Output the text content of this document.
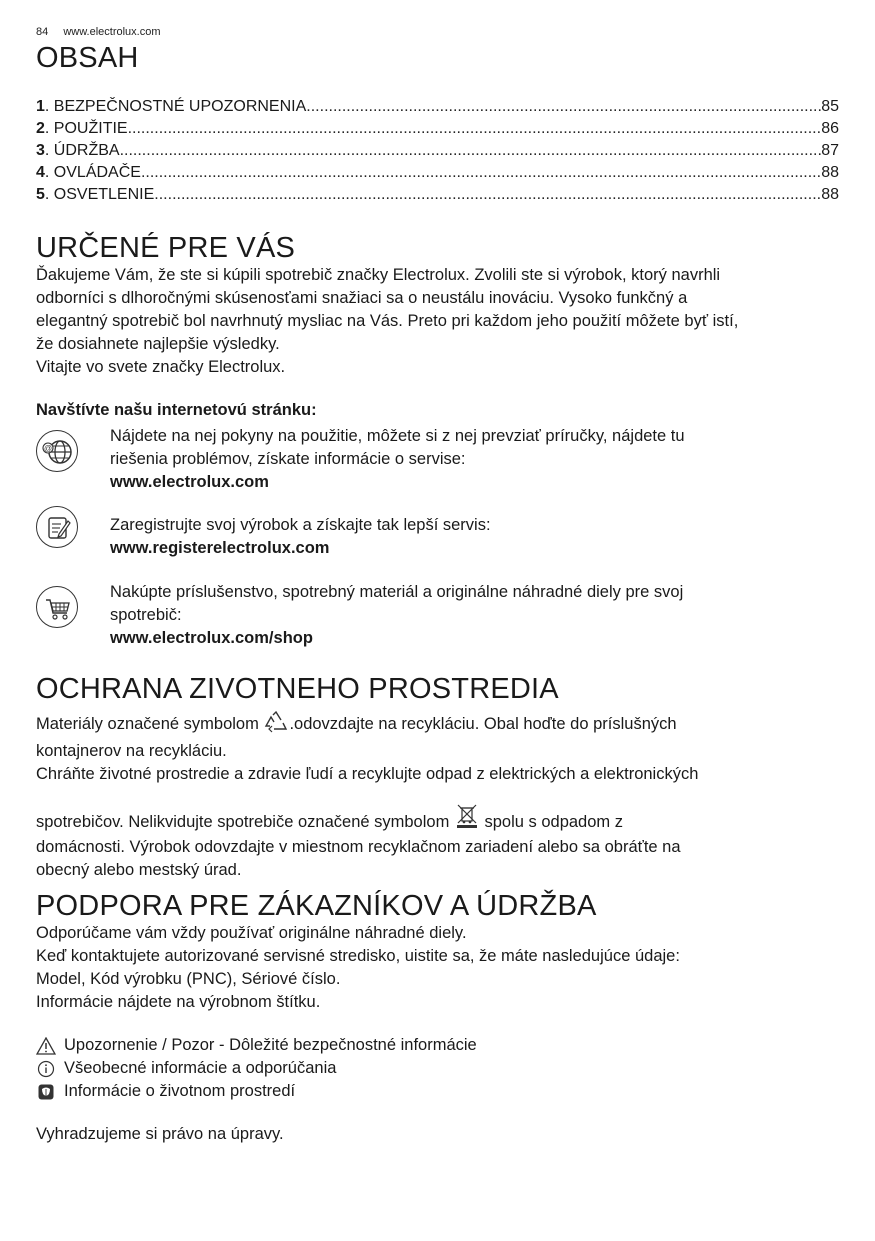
84 www.electrolux.com
OBSAH
1 . BEZPEČNOSTNÉ UPOZORNENIA .....	85
2 . POUŽITIE .....	86
3 . ÚDRŽBA .....	87
4 . OVLÁDAČE .....	88
5 . OSVETLENIE .....	88
URČENÉ PRE VÁS
Ďakujeme Vám, že ste si kúpili spotrebič značky Electrolux. Zvolili ste si výrobok, ktorý navrhli
odborníci s dlhoročnými skúsenosťami snažiaci sa o neustálu inováciu. Vysoko funkčný a
elegantný spotrebič bol navrhnutý mysliac na Vás. Preto pri každom jeho použití môžete byť istí,
že dosiahnete najlepšie výsledky.
Vitajte vo svete značky Electrolux.
Navštívte našu internetovú stránku:
@
Nájdete na nej pokyny na použitie, môžete si z nej prevziať príručky, nájdete tu
riešenia problémov, získate informácie o servise:
www.electrolux.com
Zaregistrujte svoj výrobok a získajte tak lepší servis:
www.registerelectrolux.com
Nakúpte príslušenstvo, spotrebný materiál a originálne náhradné diely pre svoj
spotrebič:
www.electrolux.com/shop
OCHRANA ZIVOTNEHO PROSTREDIA

Materiály označené symbolom .odovzdajte na recykláciu. Obal hoďte do príslušných

kontajnerov na recykláciu.

Chráňte životné prostredie a zdravie ľudí a recyklujte odpad z elektrických a elektronických

spotrebičov. Nelikvidujte spotrebiče označené symbolom  spolu s odpadom z

domácnosti. Výrobok odovzdajte v miestnom recyklačnom zariadení alebo sa obráťte na

obecný alebo mestský úrad.

PODPORA PRE ZÁKAZNÍKOV A ÚDRŽBA

Odporúčame vám vždy používať originálne náhradné diely.

Keď kontaktujete autorizované servisné stredisko, uistite sa, že máte nasledujúce údaje:

Model, Kód výrobku (PNC), Sériové číslo.

Informácie nájdete na výrobnom štítku.

Upozornenie / Pozor - Dôležité bezpečnostné informácie
Všeobecné informácie a odporúčania
Informácie o životnom prostredí
Vyhradzujeme si právo na úpravy.
